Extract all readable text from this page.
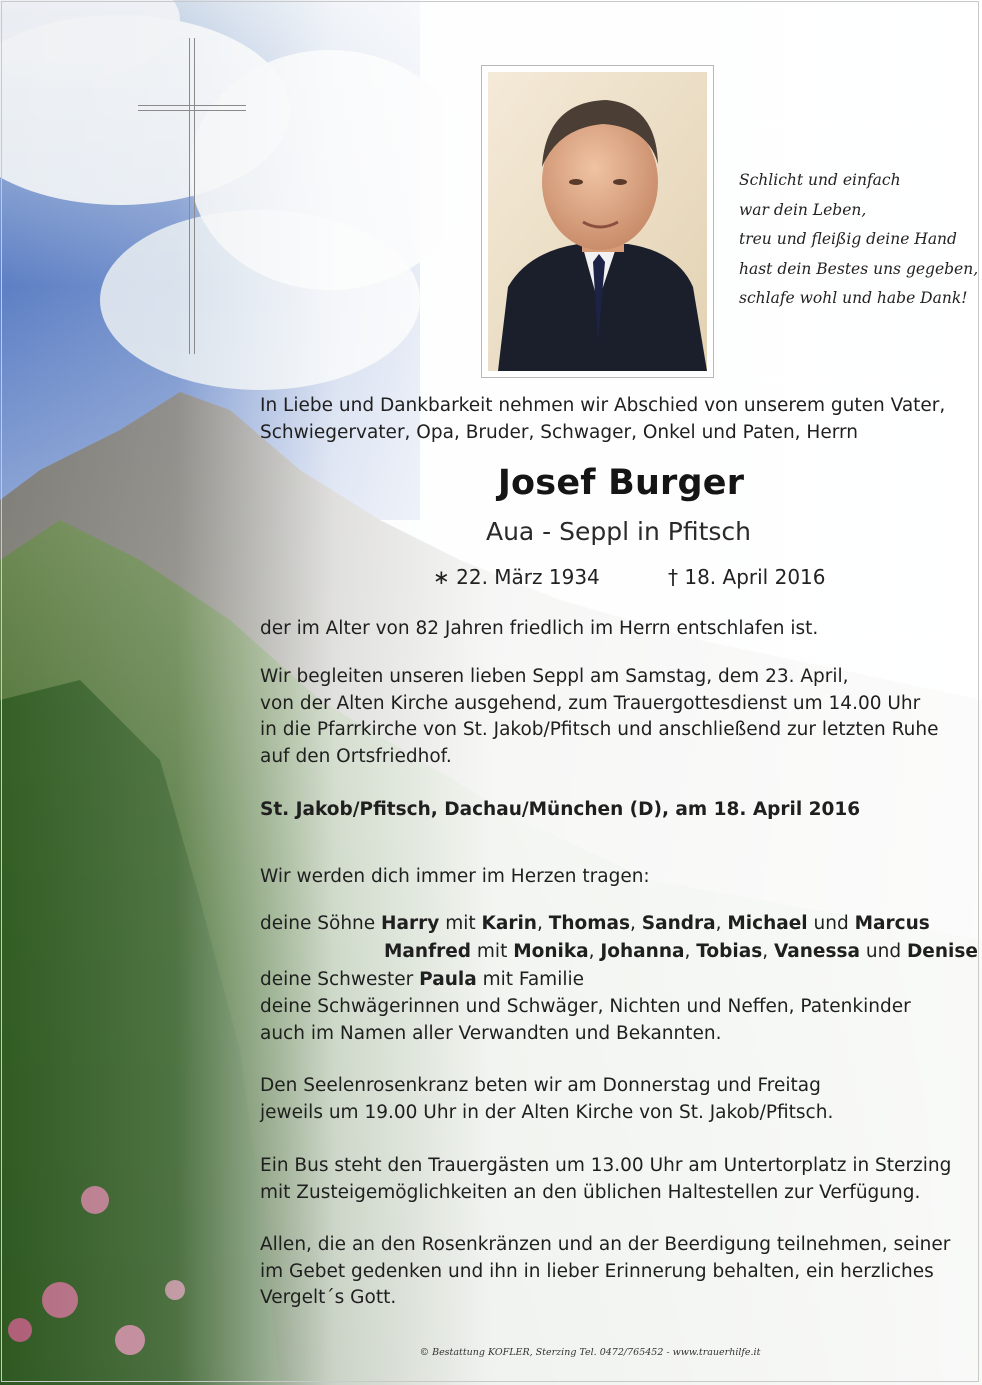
Schlicht und einfach
war dein Leben,
treu und fleißig deine Hand
hast dein Bestes uns gegeben,
schlafe wohl und habe Dank!
In Liebe und Dankbarkeit nehmen wir Abschied von unserem guten Vater,
Schwiegervater, Opa, Bruder, Schwager, Onkel und Paten, Herrn
Josef Burger
Aua - Seppl in Pfitsch
∗ 22. März 1934	† 18. April 2016
der im Alter von 82 Jahren friedlich im Herrn entschlafen ist.
Wir begleiten unseren lieben Seppl am Samstag, dem 23. April,
von der Alten Kirche ausgehend, zum Trauergottesdienst um 14.00 Uhr
in die Pfarrkirche von St. Jakob/Pfitsch und anschließend zur letzten Ruhe
auf den Ortsfriedhof.
St. Jakob/Pfitsch, Dachau/München (D), am 18. April 2016
Wir werden dich immer im Herzen tragen:
deine Söhne Harry mit Karin, Thomas, Sandra, Michael und Marcus
Manfred mit Monika, Johanna, Tobias, Vanessa und Denise
deine Schwester Paula mit Familie
deine Schwägerinnen und Schwäger, Nichten und Neffen, Patenkinder
auch im Namen aller Verwandten und Bekannten.
Den Seelenrosenkranz beten wir am Donnerstag und Freitag
jeweils um 19.00 Uhr in der Alten Kirche von St. Jakob/Pfitsch.
Ein Bus steht den Trauergästen um 13.00 Uhr am Untertorplatz in Sterzing
mit Zusteigemöglichkeiten an den üblichen Haltestellen zur Verfügung.
Allen, die an den Rosenkränzen und an der Beerdigung teilnehmen, seiner
im Gebet gedenken und ihn in lieber Erinnerung behalten, ein herzliches
Vergelt´s Gott.
© Bestattung KOFLER, Sterzing Tel. 0472/765452 - www.trauerhilfe.it
